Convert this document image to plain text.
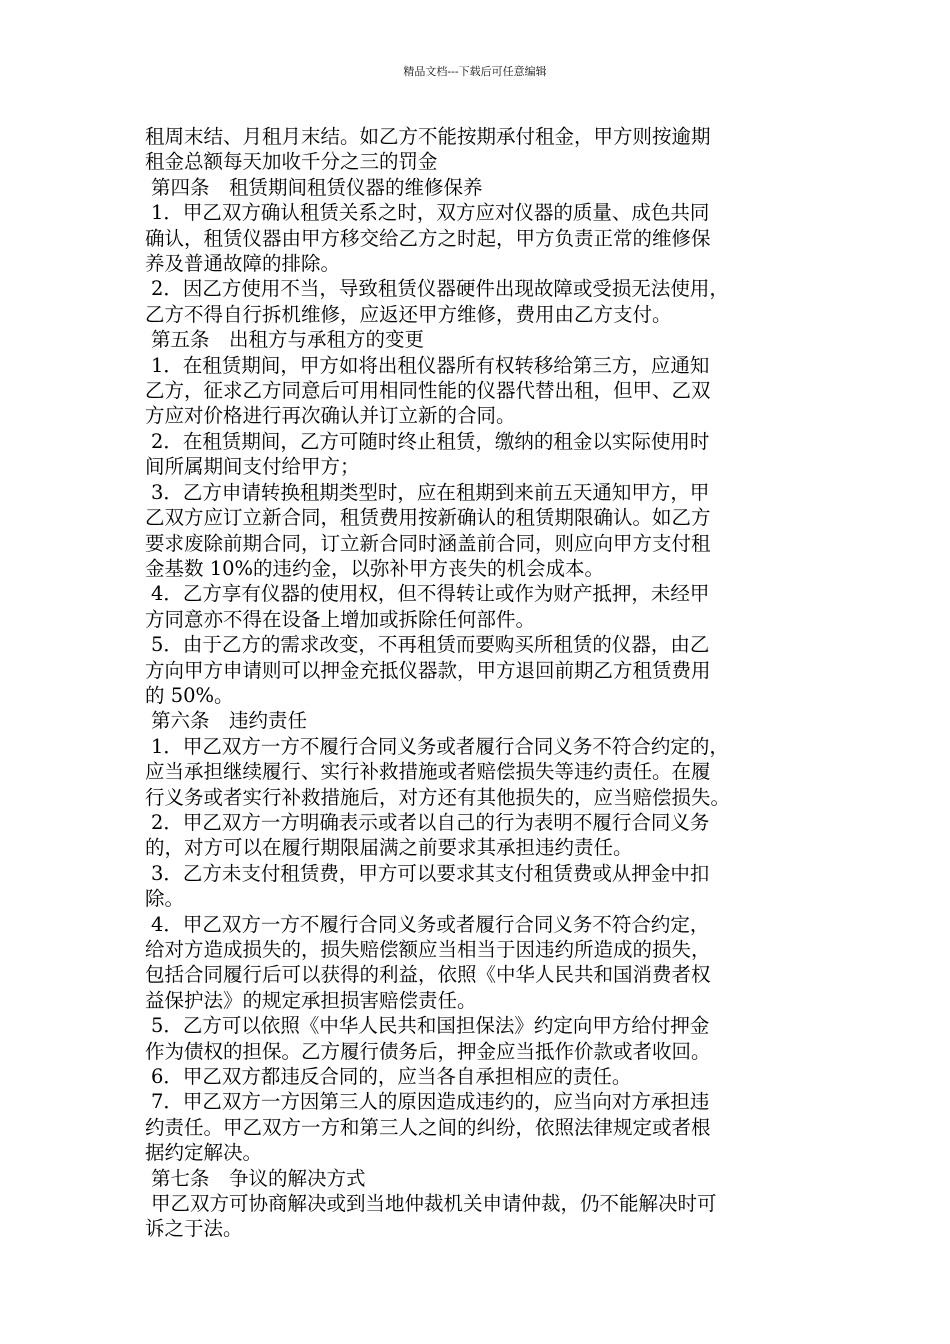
精品文档---下载后可任意编辑
租周末结、月租月末结。如乙方不能按期承付租金，甲方则按逾期
租金总额每天加收千分之三的罚金
第四条　租赁期间租赁仪器的维修保养
1．甲乙双方确认租赁关系之时，双方应对仪器的质量、成色共同
确认，租赁仪器由甲方移交给乙方之时起，甲方负责正常的维修保
养及普通故障的排除。
2．因乙方使用不当，导致租赁仪器硬件出现故障或受损无法使用，
乙方不得自行拆机维修，应返还甲方维修，费用由乙方支付。
第五条　出租方与承租方的变更
1．在租赁期间，甲方如将出租仪器所有权转移给第三方，应通知
乙方，征求乙方同意后可用相同性能的仪器代替出租，但甲、乙双
方应对价格进行再次确认并订立新的合同。
2．在租赁期间，乙方可随时终止租赁，缴纳的租金以实际使用时
间所属期间支付给甲方；
3．乙方申请转换租期类型时，应在租期到来前五天通知甲方，甲
乙双方应订立新合同，租赁费用按新确认的租赁期限确认。如乙方
要求废除前期合同，订立新合同时涵盖前合同，则应向甲方支付租
金基数 10%的违约金，以弥补甲方丧失的机会成本。
4．乙方享有仪器的使用权，但不得转让或作为财产抵押，未经甲
方同意亦不得在设备上增加或拆除任何部件。
5．由于乙方的需求改变，不再租赁而要购买所租赁的仪器，由乙
方向甲方申请则可以押金充抵仪器款，甲方退回前期乙方租赁费用
的 50%。
第六条　违约责任
1．甲乙双方一方不履行合同义务或者履行合同义务不符合约定的，
应当承担继续履行、实行补救措施或者赔偿损失等违约责任。在履
行义务或者实行补救措施后，对方还有其他损失的，应当赔偿损失。
2．甲乙双方一方明确表示或者以自己的行为表明不履行合同义务
的，对方可以在履行期限届满之前要求其承担违约责任。
3．乙方未支付租赁费，甲方可以要求其支付租赁费或从押金中扣
除。
4．甲乙双方一方不履行合同义务或者履行合同义务不符合约定，
给对方造成损失的，损失赔偿额应当相当于因违约所造成的损失，
包括合同履行后可以获得的利益，依照《中华人民共和国消费者权
益保护法》的规定承担损害赔偿责任。
5．乙方可以依照《中华人民共和国担保法》约定向甲方给付押金
作为债权的担保。乙方履行债务后，押金应当抵作价款或者收回。
6．甲乙双方都违反合同的，应当各自承担相应的责任。
7．甲乙双方一方因第三人的原因造成违约的，应当向对方承担违
约责任。甲乙双方一方和第三人之间的纠纷，依照法律规定或者根
据约定解决。
第七条　争议的解决方式
甲乙双方可协商解决或到当地仲裁机关申请仲裁，仍不能解决时可
诉之于法。
